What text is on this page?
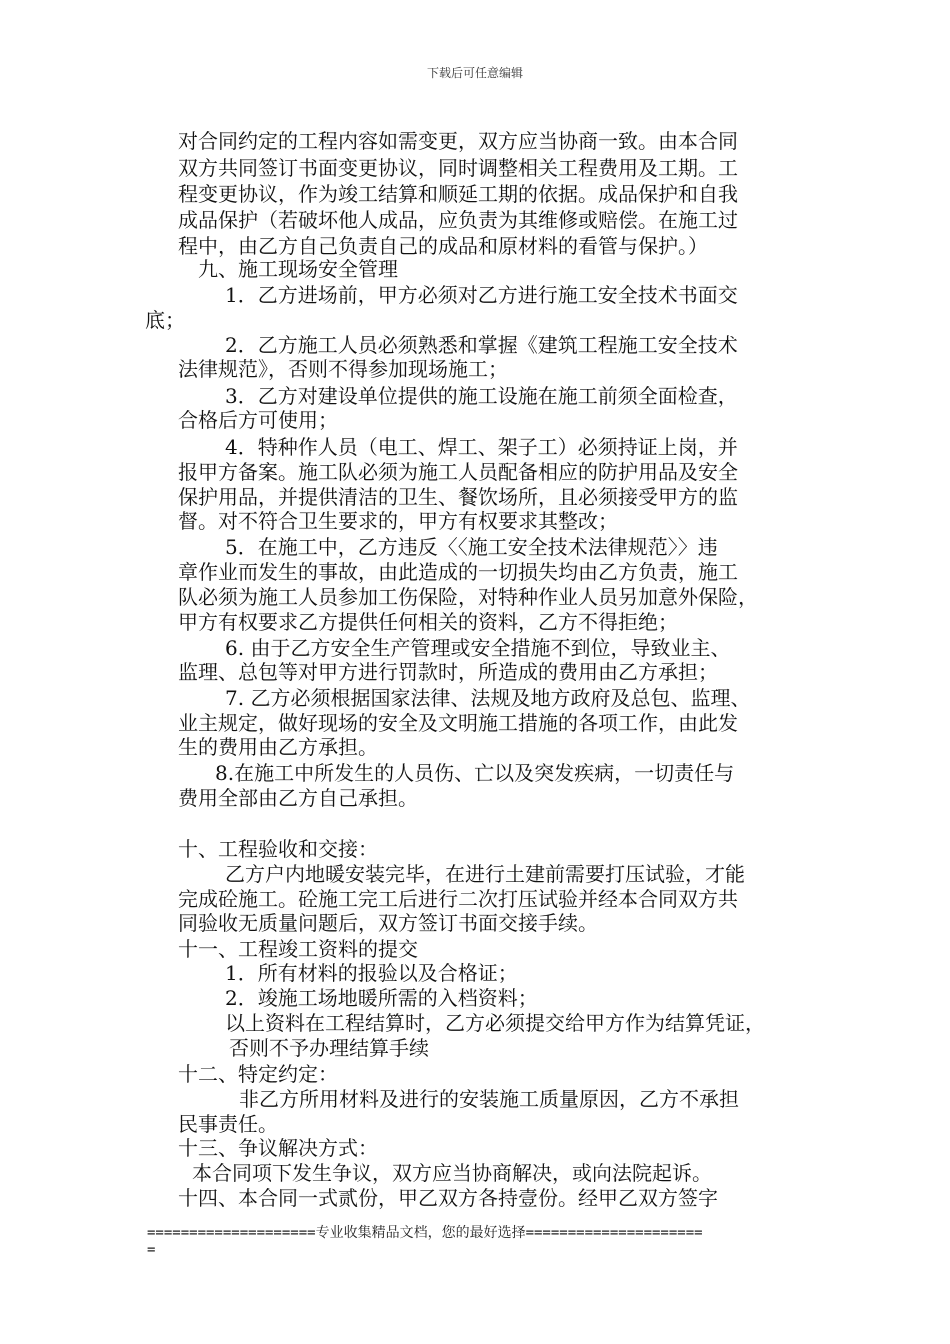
下载后可任意编辑
对合同约定的工程内容如需变更，双方应当协商一致。由本合同
双方共同签订书面变更协议，同时调整相关工程费用及工期。工
程变更协议，作为竣工结算和顺延工期的依据。成品保护和自我
成品保护（若破坏他人成品，应负责为其维修或赔偿。在施工过
程中，由乙方自己负责自己的成品和原材料的看管与保护。）
九、施工现场安全管理
1．乙方进场前，甲方必须对乙方进行施工安全技术书面交
底；
2．乙方施工人员必须熟悉和掌握《建筑工程施工安全技术
法律规范》，否则不得参加现场施工；
3．乙方对建设单位提供的施工设施在施工前须全面检查，
合格后方可使用；
4．特种作人员（电工、焊工、架子工）必须持证上岗，并
报甲方备案。施工队必须为施工人员配备相应的防护用品及安全
保护用品，并提供清洁的卫生、餐饮场所，且必须接受甲方的监
督。对不符合卫生要求的，甲方有权要求其整改；
5．在施工中，乙方违反〈〈施工安全技术法律规范〉〉违
章作业而发生的事故，由此造成的一切损失均由乙方负责，施工
队必须为施工人员参加工伤保险，对特种作业人员另加意外保险，
甲方有权要求乙方提供任何相关的资料，乙方不得拒绝；
6. 由于乙方安全生产管理或安全措施不到位，导致业主、
监理、总包等对甲方进行罚款时，所造成的费用由乙方承担；
7. 乙方必须根据国家法律、法规及地方政府及总包、监理、
业主规定，做好现场的安全及文明施工措施的各项工作，由此发
生的费用由乙方承担。
8.在施工中所发生的人员伤、亡以及突发疾病，一切责任与
费用全部由乙方自己承担。
十、工程验收和交接：
乙方户内地暖安装完毕，在进行土建前需要打压试验，才能
完成砼施工。砼施工完工后进行二次打压试验并经本合同双方共
同验收无质量问题后，双方签订书面交接手续。
十一、工程竣工资料的提交
1．所有材料的报验以及合格证；
2．竣施工场地暖所需的入档资料；
以上资料在工程结算时，乙方必须提交给甲方作为结算凭证，
否则不予办理结算手续
十二、特定约定：
非乙方所用材料及进行的安装施工质量原因，乙方不承担
民事责任。
十三、争议解决方式：
本合同项下发生争议，双方应当协商解决，或向法院起诉。
十四、本合同一式贰份，甲乙双方各持壹份。经甲乙双方签字
====================专业收集精品文档，您的最好选择=====================
=
